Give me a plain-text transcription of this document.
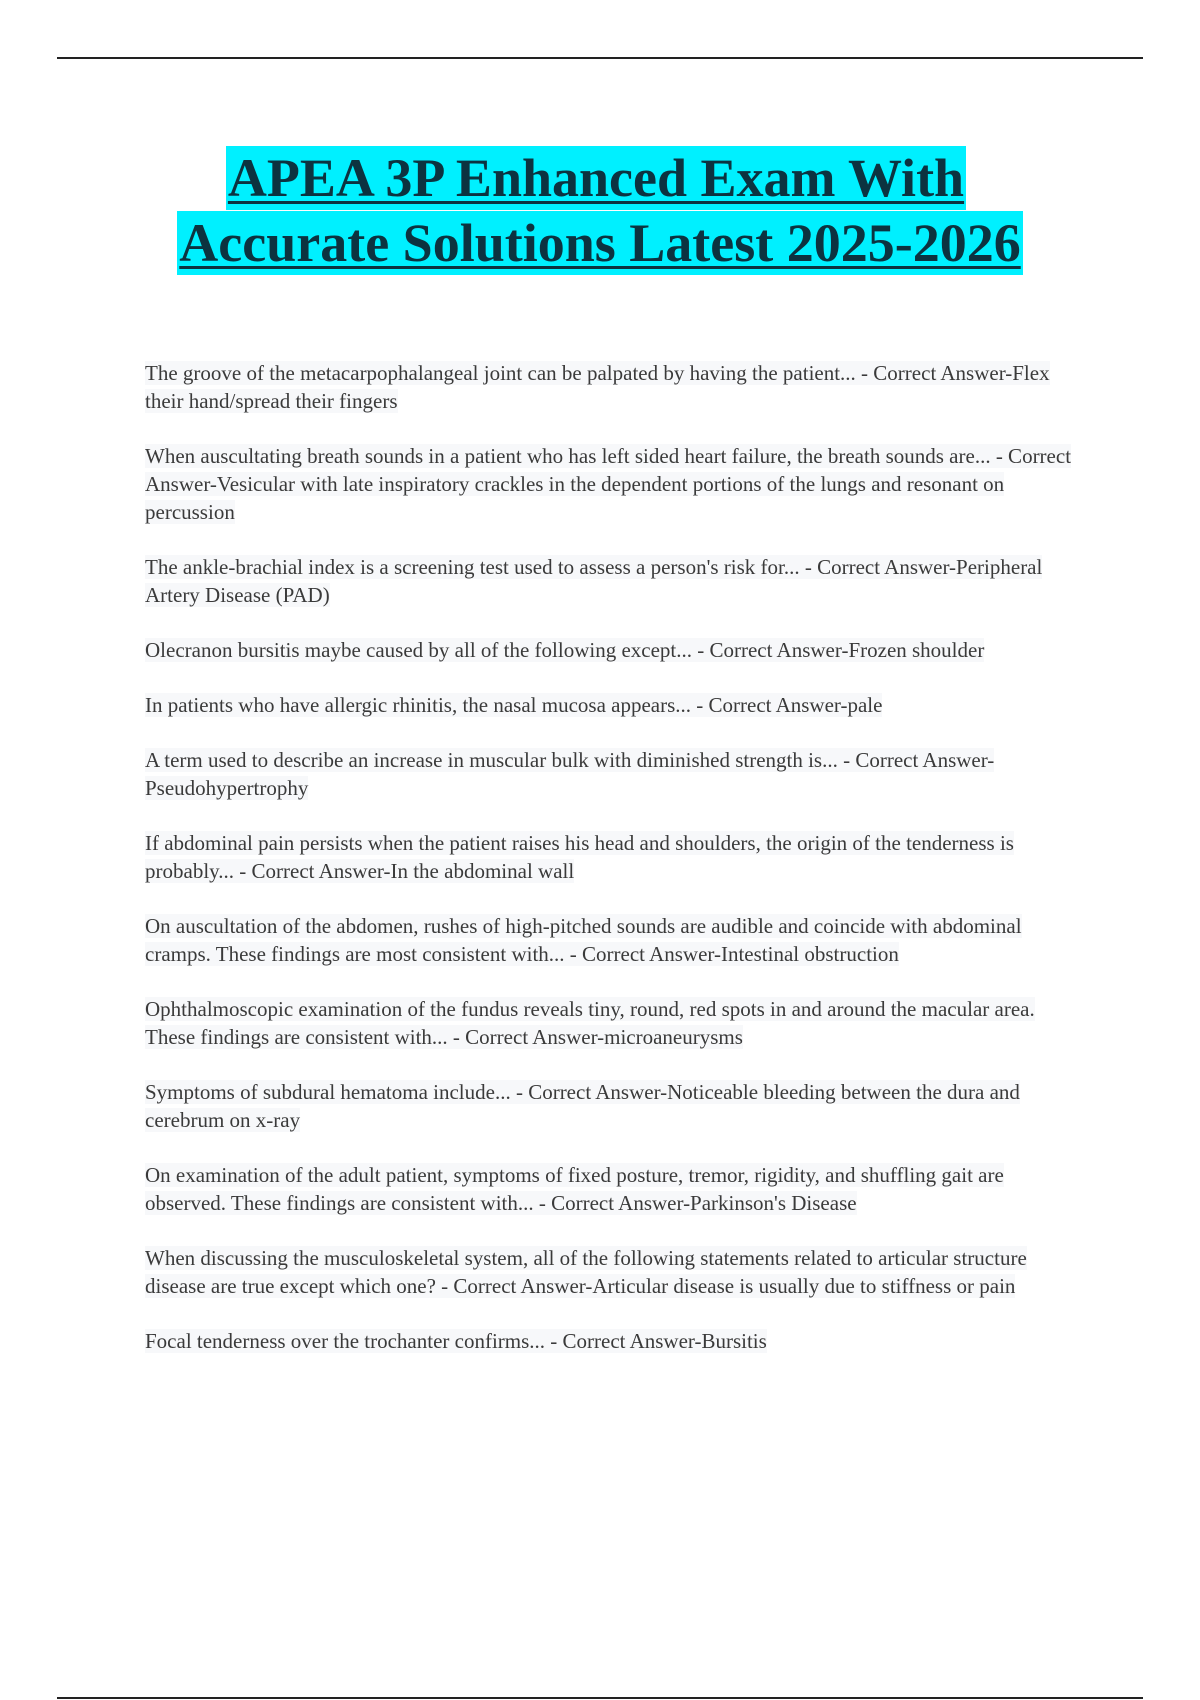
APEA 3P Enhanced Exam With
Accurate Solutions Latest 2025-2026

The groove of the metacarpophalangeal joint can be palpated by having the patient... - Correct Answer-Flex their hand/spread their fingers

When auscultating breath sounds in a patient who has left sided heart failure, the breath sounds are... - Correct Answer-Vesicular with late inspiratory crackles in the dependent portions of the lungs and resonant on percussion

The ankle-brachial index is a screening test used to assess a person's risk for... - Correct Answer-Peripheral Artery Disease (PAD)

Olecranon bursitis maybe caused by all of the following except... - Correct Answer-Frozen shoulder

In patients who have allergic rhinitis, the nasal mucosa appears... - Correct Answer-pale

A term used to describe an increase in muscular bulk with diminished strength is... - Correct Answer-Pseudohypertrophy

If abdominal pain persists when the patient raises his head and shoulders, the origin of the tenderness is probably... - Correct Answer-In the abdominal wall

On auscultation of the abdomen, rushes of high-pitched sounds are audible and coincide with abdominal cramps. These findings are most consistent with... - Correct Answer-Intestinal obstruction

Ophthalmoscopic examination of the fundus reveals tiny, round, red spots in and around the macular area. These findings are consistent with... - Correct Answer-microaneurysms

Symptoms of subdural hematoma include... - Correct Answer-Noticeable bleeding between the dura and cerebrum on x-ray

On examination of the adult patient, symptoms of fixed posture, tremor, rigidity, and shuffling gait are observed. These findings are consistent with... - Correct Answer-Parkinson's Disease

When discussing the musculoskeletal system, all of the following statements related to articular structure disease are true except which one? - Correct Answer-Articular disease is usually due to stiffness or pain

Focal tenderness over the trochanter confirms... - Correct Answer-Bursitis
